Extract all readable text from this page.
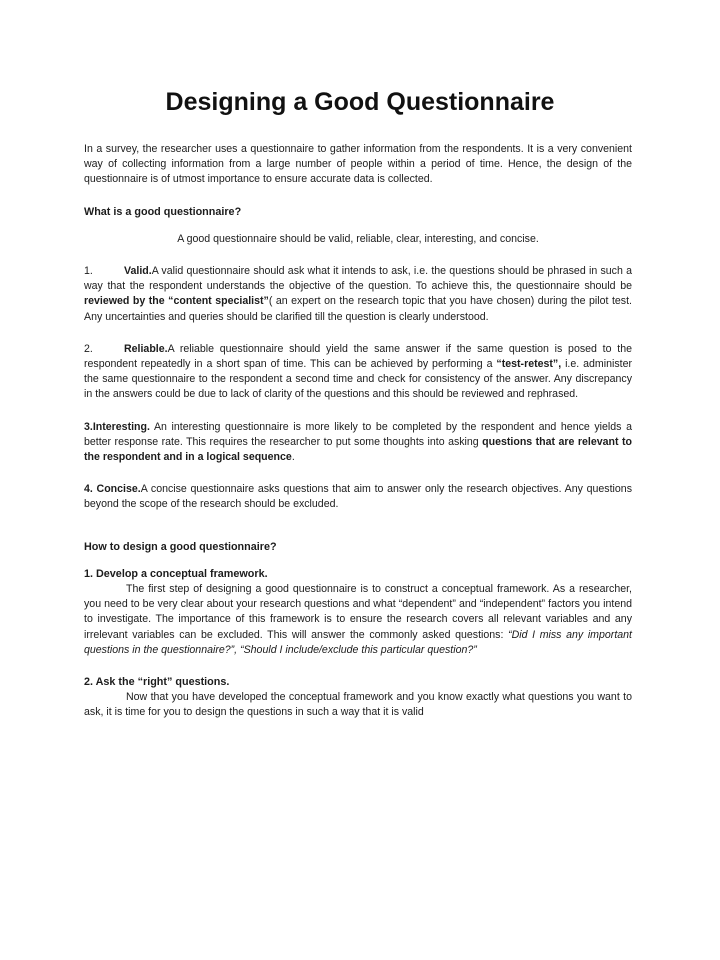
Designing a Good Questionnaire

In a survey, the researcher uses a questionnaire to gather information from the respondents. It is a very convenient way of collecting information from a large number of people within a period of time. Hence, the design of the questionnaire is of utmost importance to ensure accurate data is collected.

What is a good questionnaire?

A good questionnaire should be valid, reliable, clear, interesting, and concise.

1.	Valid.A valid questionnaire should ask what it intends to ask, i.e. the questions should be phrased in such a way that the respondent understands the objective of the question. To achieve this, the questionnaire should be reviewed by the “content specialist”( an expert on the research topic that you have chosen) during the pilot test. Any uncertainties and queries should be clarified till the question is clearly understood.

2.	Reliable.A reliable questionnaire should yield the same answer if the same question is posed to the respondent repeatedly in a short span of time. This can be achieved by performing a “test-retest”, i.e. administer the same questionnaire to the respondent a second time and check for consistency of the answer. Any discrepancy in the answers could be due to lack of clarity of the questions and this should be reviewed and rephrased.

3.Interesting. An interesting questionnaire is more likely to be completed by the respondent and hence yields a better response rate. This requires the researcher to put some thoughts into asking questions that are relevant to the respondent and in a logical sequence.

4. Concise.A concise questionnaire asks questions that aim to answer only the research objectives. Any questions beyond the scope of the research should be excluded.

How to design a good questionnaire?

1. Develop a conceptual framework.

The first step of designing a good questionnaire is to construct a conceptual framework. As a researcher, you need to be very clear about your research questions and what “dependent” and “independent” factors you intend to investigate. The importance of this framework is to ensure the research covers all relevant variables and any irrelevant variables can be excluded. This will answer the commonly asked questions: “Did I miss any important questions in the questionnaire?”, “Should I include/exclude this particular question?”

2. Ask the “right” questions.

Now that you have developed the conceptual framework and you know exactly what questions you want to ask, it is time for you to design the questions in such a way that it is valid
